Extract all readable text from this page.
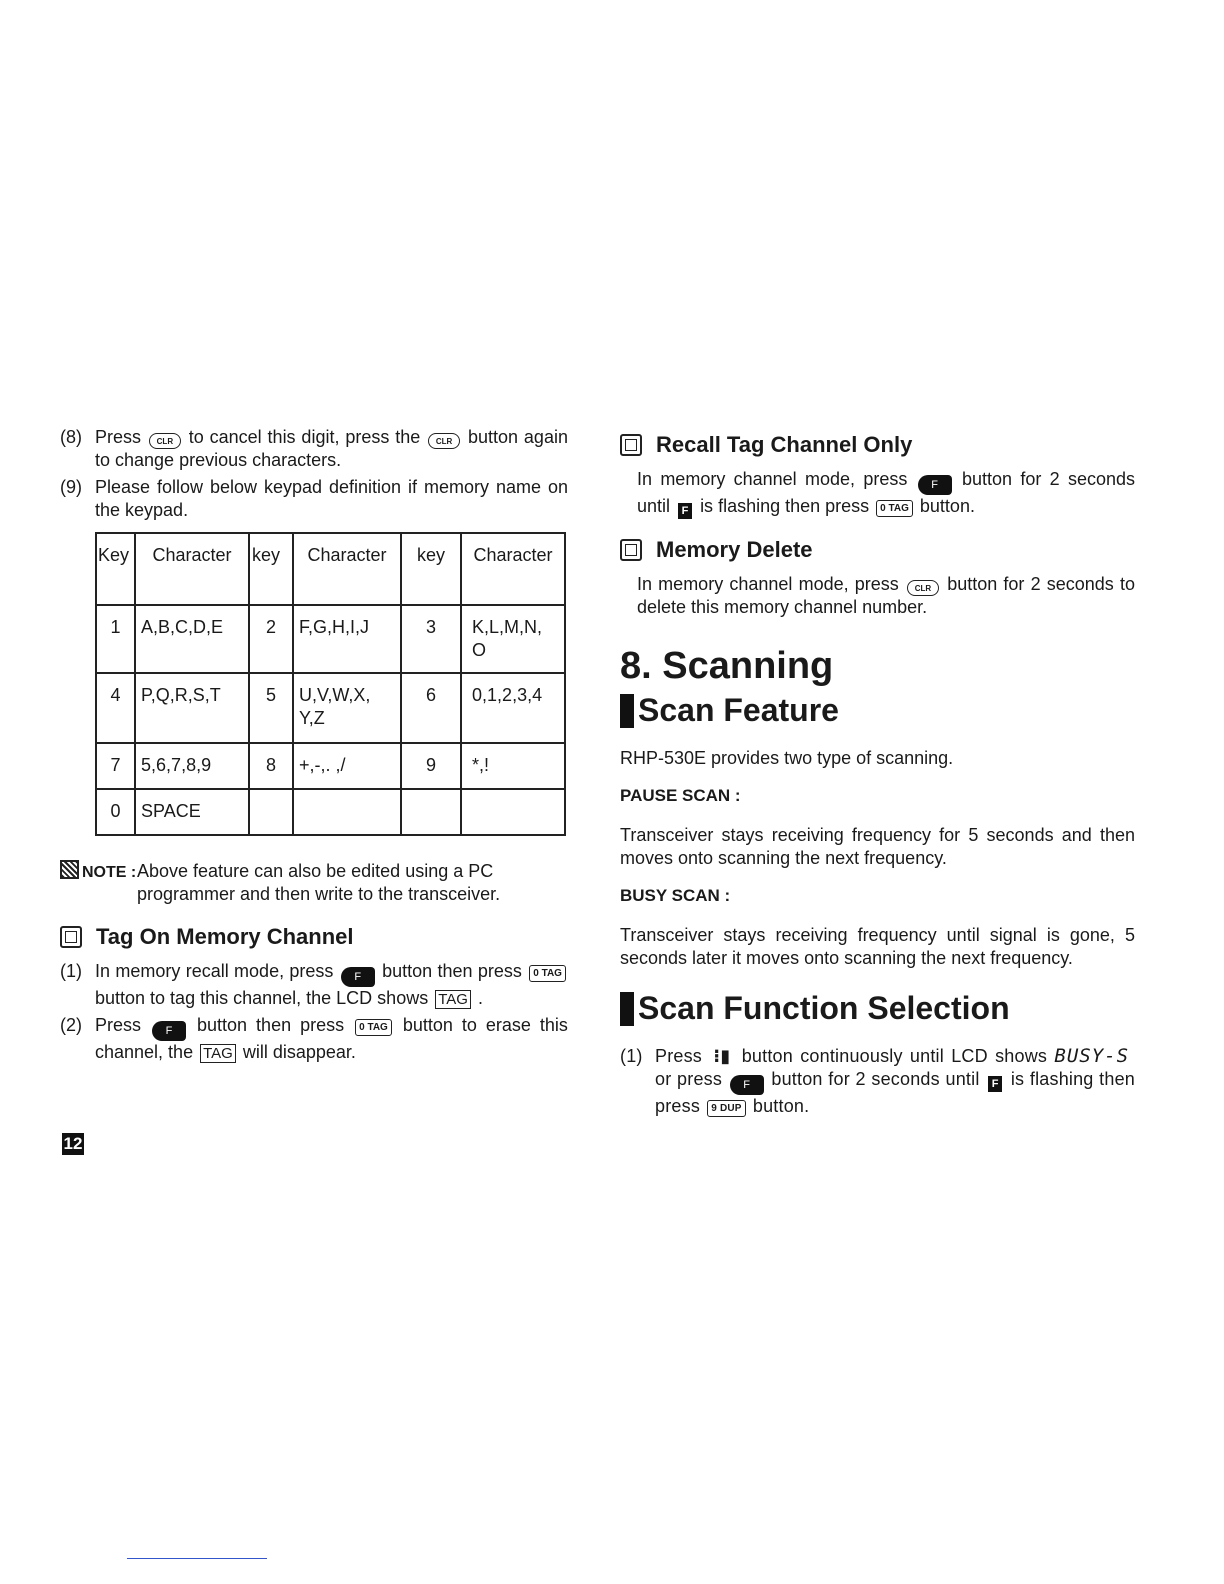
(8) Press CLR to cancel this digit, press the CLR button again to change previous characters.
(9) Please follow below keypad definition if memory name on the keypad.
Key	Character	key	Character	key	Character
1	A,B,C,D,E	2	F,G,H,I,J	3	K,L,M,N, O
4	P,Q,R,S,T	5	U,V,W,X, Y,Z	6	0,1,2,3,4
7	5,6,7,8,9	8	+,-,. ,/	9	*,!
0	SPACE				
NOTE : Above feature can also be edited using a PC programmer and then write to the transceiver.
Tag On Memory Channel
(1) In memory recall mode, press F button then press 0 TAG button to tag this channel, the LCD shows TAG .
(2) Press F button then press 0 TAG button to erase this channel, the TAG will disappear.
12
Recall Tag Channel Only
In memory channel mode, press F button for 2 seconds until F is flashing then press 0 TAG button.
Memory Delete
In memory channel mode, press CLR button for 2 seconds to delete this memory channel number.
8. Scanning
Scan Feature
RHP-530E provides two type of scanning.
PAUSE SCAN :
Transceiver stays receiving frequency for 5 seconds and then moves onto scanning the next frequency.
BUSY SCAN :
Transceiver stays receiving frequency until signal is gone, 5 seconds later it moves onto scanning the next frequency.
Scan Function Selection
(1) Press ⁝▮ button continuously until LCD shows BUSY-S or press F button for 2 seconds until F is flashing then press 9 DUP button.
